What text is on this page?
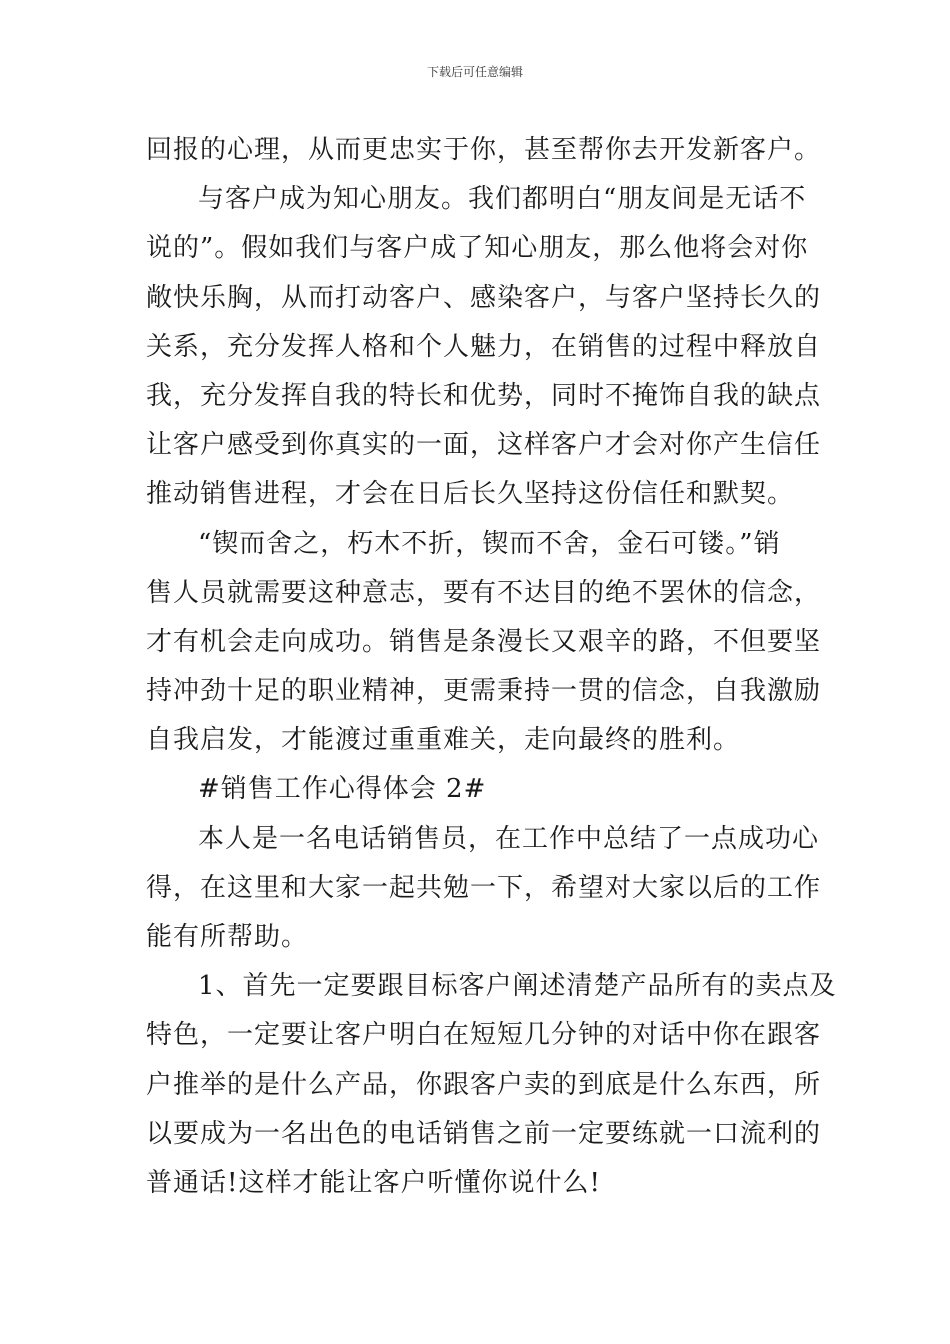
下载后可任意编辑
回报的心理，从而更忠实于你，甚至帮你去开发新客户。
与客户成为知心朋友。我们都明白“朋友间是无话不
说的”。假如我们与客户成了知心朋友，那么他将会对你
敞快乐胸，从而打动客户、感染客户，与客户坚持长久的
关系，充分发挥人格和个人魅力，在销售的过程中释放自
我，充分发挥自我的特长和优势，同时不掩饰自我的缺点
让客户感受到你真实的一面，这样客户才会对你产生信任
推动销售进程，才会在日后长久坚持这份信任和默契。
“锲而舍之，朽木不折，锲而不舍，金石可镂。”销
售人员就需要这种意志，要有不达目的绝不罢休的信念，
才有机会走向成功。销售是条漫长又艰辛的路，不但要坚
持冲劲十足的职业精神，更需秉持一贯的信念，自我激励
自我启发，才能渡过重重难关，走向最终的胜利。
#销售工作心得体会 2#
本人是一名电话销售员，在工作中总结了一点成功心
得，在这里和大家一起共勉一下，希望对大家以后的工作
能有所帮助。
1、首先一定要跟目标客户阐述清楚产品所有的卖点及
特色，一定要让客户明白在短短几分钟的对话中你在跟客
户推举的是什么产品，你跟客户卖的到底是什么东西，所
以要成为一名出色的电话销售之前一定要练就一口流利的
普通话!这样才能让客户听懂你说什么!
